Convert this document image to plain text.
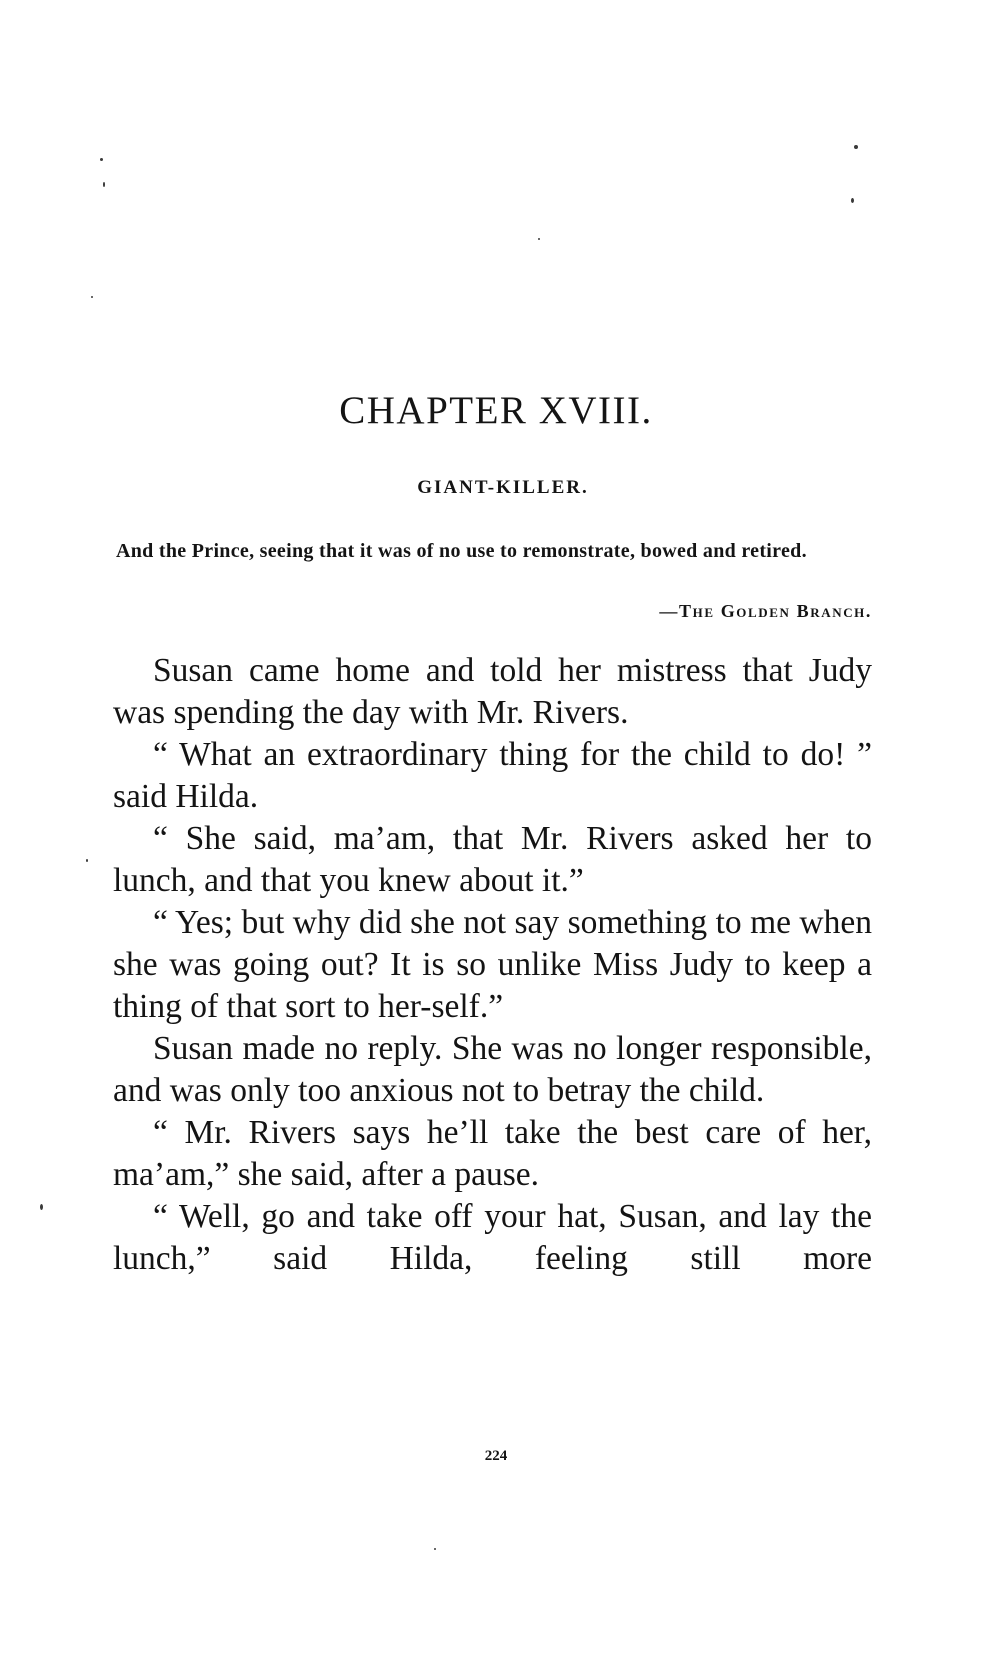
CHAPTER XVIII.
GIANT-KILLER.
And the Prince, seeing that it was of no use to remonstrate, bowed and retired.
—The Golden Branch.

Susan came home and told her mistress that Judy was spending the day with Mr. Rivers.

“ What an extraordinary thing for the child to do! ” said Hilda.

“ She said, ma’am, that Mr. Rivers asked her to lunch, and that you knew about it.”

“ Yes; but why did she not say something to me when she was going out? It is so unlike Miss Judy to keep a thing of that sort to her-self.”

Susan made no reply. She was no longer responsible, and was only too anxious not to betray the child.

“ Mr. Rivers says he’ll take the best care of her, ma’am,” she said, after a pause.

“ Well, go and take off your hat, Susan, and lay the lunch,” said Hilda, feeling still more

224
